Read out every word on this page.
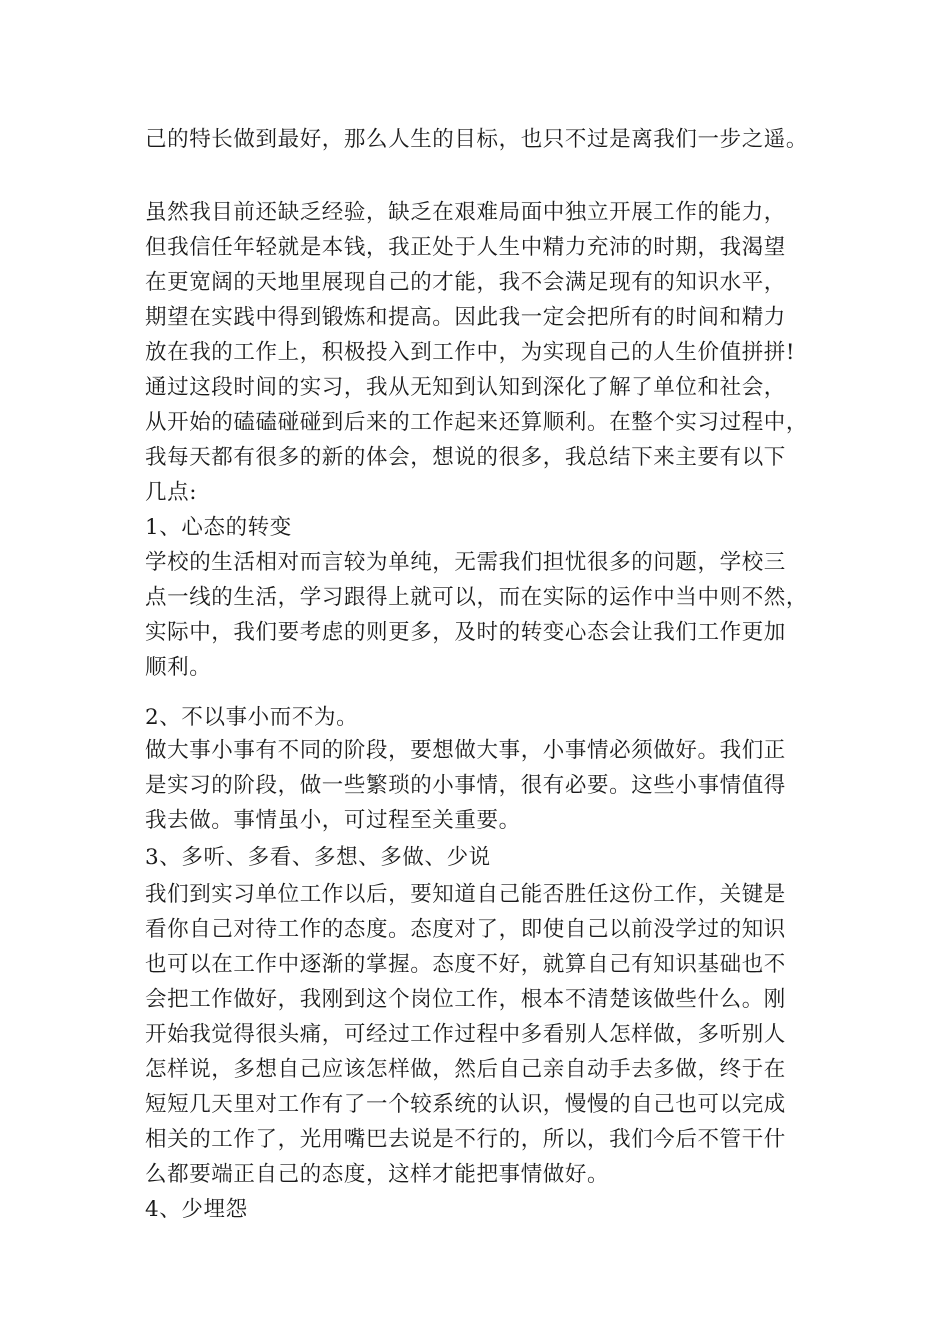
己的特长做到最好，那么人生的目标，也只不过是离我们一步之遥。
虽然我目前还缺乏经验，缺乏在艰难局面中独立开展工作的能力，
但我信任年轻就是本钱，我正处于人生中精力充沛的时期，我渴望
在更宽阔的天地里展现自己的才能，我不会满足现有的知识水平，
期望在实践中得到锻炼和提高。因此我一定会把所有的时间和精力
放在我的工作上，积极投入到工作中，为实现自己的人生价值拼拼!
通过这段时间的实习，我从无知到认知到深化了解了单位和社会，
从开始的磕磕碰碰到后来的工作起来还算顺利。在整个实习过程中，
我每天都有很多的新的体会，想说的很多，我总结下来主要有以下
几点:
1、心态的转变
学校的生活相对而言较为单纯，无需我们担忧很多的问题，学校三
点一线的生活，学习跟得上就可以，而在实际的运作中当中则不然，
实际中，我们要考虑的则更多，及时的转变心态会让我们工作更加
顺利。
2、不以事小而不为。
做大事小事有不同的阶段，要想做大事，小事情必须做好。我们正
是实习的阶段，做一些繁琐的小事情，很有必要。这些小事情值得
我去做。事情虽小，可过程至关重要。
3、多听、多看、多想、多做、少说
我们到实习单位工作以后，要知道自己能否胜任这份工作，关键是
看你自己对待工作的态度。态度对了，即使自己以前没学过的知识
也可以在工作中逐渐的掌握。态度不好，就算自己有知识基础也不
会把工作做好，我刚到这个岗位工作，根本不清楚该做些什么。刚
开始我觉得很头痛，可经过工作过程中多看别人怎样做，多听别人
怎样说，多想自己应该怎样做，然后自己亲自动手去多做，终于在
短短几天里对工作有了一个较系统的认识，慢慢的自己也可以完成
相关的工作了，光用嘴巴去说是不行的，所以，我们今后不管干什
么都要端正自己的态度，这样才能把事情做好。
4、少埋怨
